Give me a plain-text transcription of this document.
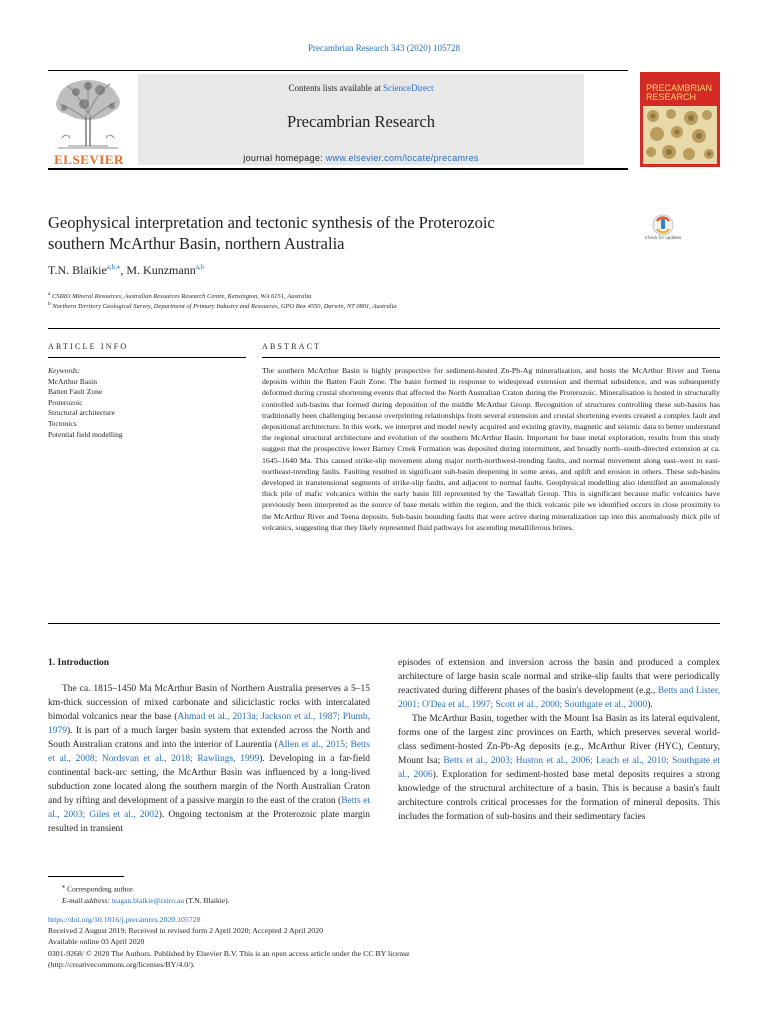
Precambrian Research 343 (2020) 105728
ELSEVIER
Contents lists available at ScienceDirect
Precambrian Research
journal homepage: www.elsevier.com/locate/precamres
PRECAMBRIAN
RESEARCH
Geophysical interpretation and tectonic synthesis of the Proterozoic
southern McArthur Basin, northern Australia	Check for updates
T.N. Blaikie$^{a,b,⁎}$, M. Kunzmann$^{a,b}$
$^a$ CSIRO Mineral Resources, Australian Resources Research Centre, Kensington, WA 6151, Australia
$^b$ Northern Territory Geological Survey, Department of Primary Industry and Resources, GPO Box 4550, Darwin, NT 0801, Australia
ARTICLE INFO	ABSTRACT
Keywords:
McArthur Basin
Batten Fault Zone
Proterozoic
Structural architecture
Tectonics
Potential field modelling
The southern McArthur Basin is highly prospective for sediment-hosted Zn-Pb-Ag mineralisation, and hosts the McArthur River and Teena deposits within the Batten Fault Zone. The basin formed in response to widespread extension and thermal subsidence, and was subsequently deformed during crustal shortening events that affected the North Australian Craton during the Proterozoic. Mineralisation is hosted in structurally controlled sub-basins that formed during deposition of the middle McArthur Group. Recognition of structures controlling these sub-basins has traditionally been challenging because overprinting relationships from several extension and crustal shortening events created a complex fault and depositional architecture. In this work, we interpret and model newly acquired and existing gravity, magnetic and seismic data to better understand the regional structural architecture and evolution of the southern McArthur Basin. Important for base metal exploration, results from this study suggest that the prospective lower Barney Creek Formation was deposited during intermittent, and broadly north–south-directed extension at ca. 1645–1640 Ma. This caused strike-slip movement along major north-northwest-trending faults, and normal movement along east–west to east-northeast-trending faults. Faulting resulted in significant sub-basin deepening in some areas, and uplift and erosion in others. These sub-basins developed in transtensional segments of strike-slip faults, and adjacent to normal faults. Geophysical modelling also identified an anomalously thick pile of mafic volcanics within the early basin fill represented by the Tawallah Group. This is significant because mafic volcanics have previously been interpreted as the source of base metals within the region, and the thick volcanic pile we identified occurs in close proximity to the McArthur River and Teena deposits. Sub-basin bounding faults that were active during mineralization tap into this anomalously thick pile of volcanics, suggesting that they likely represented fluid pathways for ascending metalliferous brines.
1. Introduction

The ca. 1815–1450 Ma McArthur Basin of Northern Australia preserves a 5–15 km-thick succession of mixed carbonate and siliciclastic rocks with intercalated bimodal volcanics near the base (Ahmad et al., 2013a; Jackson et al., 1987; Plumb, 1979). It is part of a much larger basin system that extended across the North and South Australian cratons and into the interior of Laurentia (Allen et al., 2015; Betts et al., 2008; Nordsvan et al., 2018; Rawlings, 1999). Developing in a far-field continental back-arc setting, the McArthur Basin was influenced by a long-lived subduction zone located along the southern margin of the North Australian Craton and by rifting and development of a passive margin to the east of the craton (Betts et al., 2003; Giles et al., 2002). Ongoing tectonism at the Proterozoic plate margin resulted in transient

episodes of extension and inversion across the basin and produced a complex architecture of large basin scale normal and strike-slip faults that were periodically reactivated during different phases of the basin's development (e.g., Betts and Lister, 2001; O'Dea et al., 1997; Scott et al., 2000; Southgate et al., 2000).

The McArthur Basin, together with the Mount Isa Basin as its lateral equivalent, forms one of the largest zinc provinces on Earth, which preserves several world-class sediment-hosted Zn-Pb-Ag deposits (e.g., McArthur River (HYC), Century, Mount Isa; Betts et al., 2003; Huston et al., 2006; Leach et al., 2010; Southgate et al., 2006). Exploration for sediment-hosted base metal deposits requires a strong knowledge of the structural architecture of a basin. This is because a basin's fault architecture controls critical processes for the formation of mineral deposits. This includes the formation of sub-basins and their sedimentary facies

⁎ Corresponding author.
E-mail address: teagan.blaikie@csiro.au (T.N. Blaikie).
https://doi.org/10.1016/j.precamres.2020.105728
Received 2 August 2019; Received in revised form 2 April 2020; Accepted 2 April 2020
Available online 03 April 2020
0301-9268/ © 2020 The Authors. Published by Elsevier B.V. This is an open access article under the CC BY license
(http://creativecommons.org/licenses/BY/4.0/).
